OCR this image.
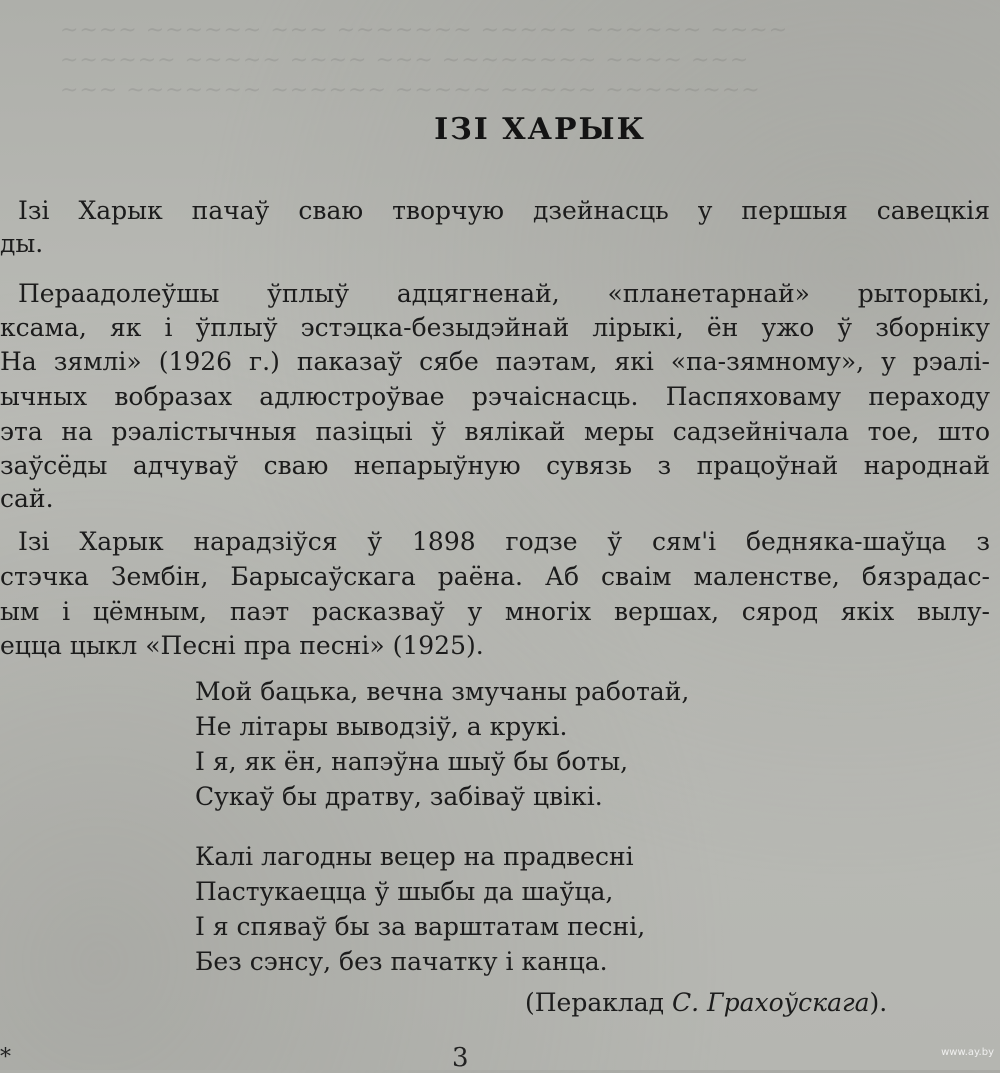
~~~~ ~~~~~~ ~~~ ~~~~~~~ ~~~~~ ~~~~~~ ~~~~
~~~~~~ ~~~~~ ~~~~ ~~~ ~~~~~~~~ ~~~~ ~~~
~~~ ~~~~~~~ ~~~~~~ ~~~~~ ~~~~~ ~~~~~~~~
ІЗІ ХАРЫК
Ізі Харык пачаў сваю творчую дзейнасць у першыя савецкія
ды.
Пераадолеўшы ўплыў адцягненай, «планетарнай» рыторыкі,
ксама, як і ўплыў эстэцка-безыдэйнай лірыкі, ён ужо ў зборніку
На зямлі» (1926 г.) паказаў сябе паэтам, які «па-зямному», у рэалі-
ычных вобразах адлюстроўвае рэчаіснасць. Паспяховаму пераходу
эта на рэалістычныя пазіцыі ў вялікай меры садзейнічала тое, што
заўсёды адчуваў сваю непарыўную сувязь з працоўнай народнай
сай.
Ізі Харык нарадзіўся ў 1898 годзе ў сям'і бедняка-шаўца з
стэчка Зембін, Барысаўскага раёна. Аб сваім маленстве, бязрадас-
ым і цёмным, паэт расказваў у многіх вершах, сярод якіх вылу-
ецца цыкл «Песні пра песні» (1925).
Мой бацька, вечна змучаны работай,
Не літары выводзіў, а крукі.
І я, як ён, напэўна шыў бы боты,
Сукаў бы дратву, забіваў цвікі.
Калі лагодны вецер на прадвесні
Пастукаецца ў шыбы да шаўца,
І я спяваў бы за варштатам песні,
Без сэнсу, без пачатку і канца.
(Пераклад С. Грахоўскага).
*	3	www.ay.by
